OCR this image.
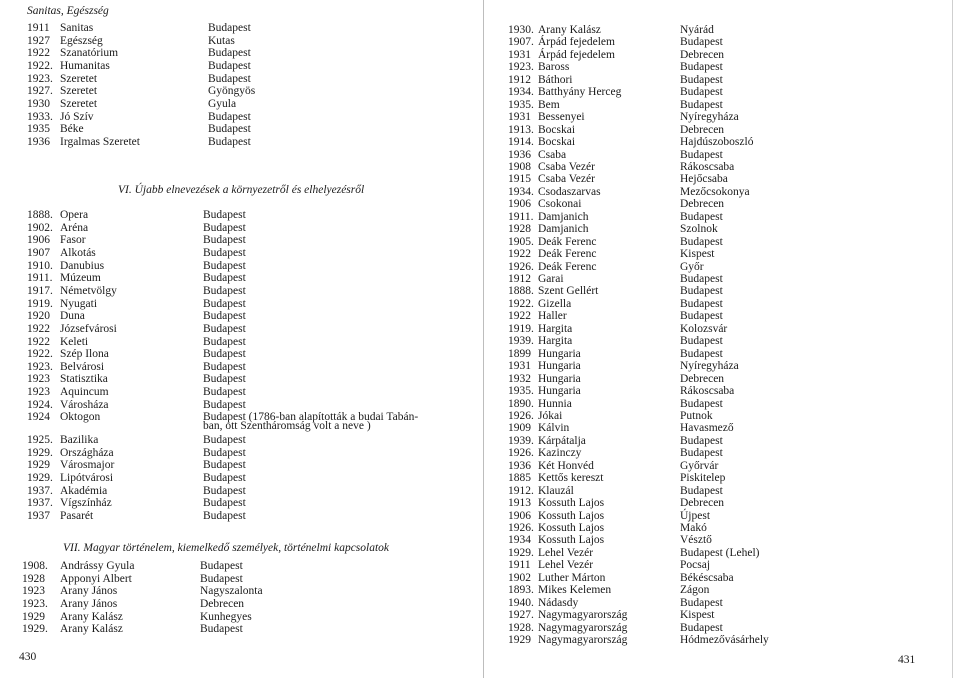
Sanitas, Egészség
1911 Sanitas	Budapest
1927 Egészség	Kutas
1922 Szanatórium	Budapest
1922. Humanitas	Budapest
1923. Szeretet	Budapest
1927. Szeretet	Gyöngyös
1930 Szeretet	Gyula
1933. Jó Szív	Budapest
1935 Béke	Budapest
1936 Irgalmas Szeretet	Budapest
VI. Újabb elnevezések a környezetről és elhelyezésről
1888. Opera	Budapest
1902. Aréna	Budapest
1906 Fasor	Budapest
1907 Alkotás	Budapest
1910. Danubius	Budapest
1911. Múzeum	Budapest
1917. Németvölgy	Budapest
1919. Nyugati	Budapest
1920 Duna	Budapest
1922 Józsefvárosi	Budapest
1922 Keleti	Budapest
1922. Szép Ilona	Budapest
1923. Belvárosi	Budapest
1923 Statisztika	Budapest
1923 Aquincum	Budapest
1924. Városháza	Budapest
1924 Oktogon	Budapest (1786-ban alapították a budai Tabán-
ban, ott Szentháromság volt a neve )
1925. Bazilika	Budapest
1929. Országháza	Budapest
1929 Városmajor	Budapest
1929. Lipótvárosi	Budapest
1937. Akadémia	Budapest
1937. Vígszínház	Budapest
1937 Pasarét	Budapest
VII. Magyar történelem, kiemelkedő személyek, történelmi kapcsolatok
1908. Andrássy Gyula	Budapest
1928 Apponyi Albert	Budapest
1923 Arany János	Nagyszalonta
1923. Arany János	Debrecen
1929 Arany Kalász	Kunhegyes
1929. Arany Kalász	Budapest
430
1930. Arany Kalász	Nyárád
1907. Árpád fejedelem	Budapest
1931 Árpád fejedelem	Debrecen
1923. Baross	Budapest
1912 Báthori	Budapest
1934. Batthyány Herceg	Budapest
1935. Bem	Budapest
1931 Bessenyei	Nyíregyháza
1913. Bocskai	Debrecen
1914. Bocskai	Hajdúszoboszló
1936 Csaba	Budapest
1908 Csaba Vezér	Rákoscsaba
1915 Csaba Vezér	Hejőcsaba
1934. Csodaszarvas	Mezőcsokonya
1906 Csokonai	Debrecen
1911. Damjanich	Budapest
1928 Damjanich	Szolnok
1905. Deák Ferenc	Budapest
1922 Deák Ferenc	Kispest
1926. Deák Ferenc	Győr
1912 Garai	Budapest
1888. Szent Gellért	Budapest
1922. Gizella	Budapest
1922 Haller	Budapest
1919. Hargita	Kolozsvár
1939. Hargita	Budapest
1899 Hungaria	Budapest
1931 Hungaria	Nyíregyháza
1932 Hungaria	Debrecen
1935. Hungaria	Rákoscsaba
1890. Hunnia	Budapest
1926. Jókai	Putnok
1909 Kálvin	Havasmező
1939. Kárpátalja	Budapest
1926. Kazinczy	Budapest
1936 Két Honvéd	Győrvár
1885 Kettős kereszt	Piskitelep
1912. Klauzál	Budapest
1913 Kossuth Lajos	Debrecen
1906 Kossuth Lajos	Újpest
1926. Kossuth Lajos	Makó
1934 Kossuth Lajos	Vésztő
1929. Lehel Vezér	Budapest (Lehel)
1911 Lehel Vezér	Pocsaj
1902 Luther Márton	Békéscsaba
1893. Mikes Kelemen	Zágon
1940. Nádasdy	Budapest
1927. Nagymagyarország	Kispest
1928. Nagymagyarország	Budapest
1929 Nagymagyarország	Hódmezővásárhely
431
